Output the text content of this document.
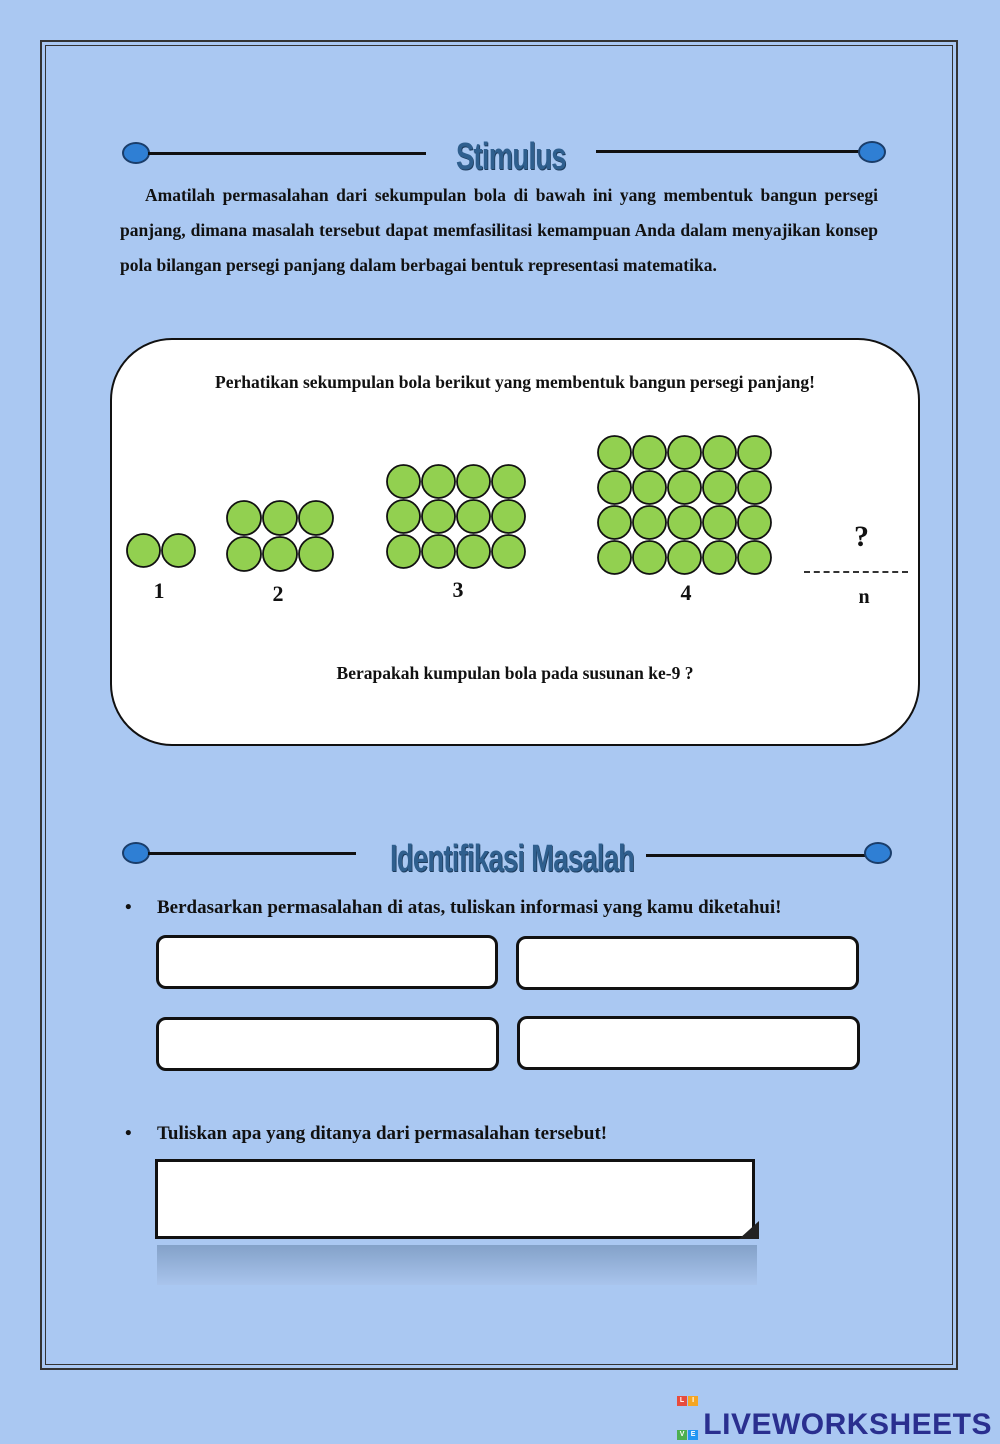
Stimulus
Amatilah permasalahan dari sekumpulan bola di bawah ini yang membentuk bangun persegi panjang, dimana masalah tersebut dapat memfasilitasi kemampuan Anda dalam menyajikan konsep pola bilangan persegi panjang dalam berbagai bentuk representasi matematika.
Perhatikan sekumpulan bola berikut yang membentuk bangun persegi panjang!
Berapakah kumpulan bola pada susunan ke-9 ?
1	2	3	4
?
n
Identifikasi Masalah
• Berdasarkan permasalahan di atas, tuliskan informasi yang kamu diketahui!
• Tuliskan apa yang ditanya dari permasalahan tersebut!
L IV E LIVEWORKSHEETS
